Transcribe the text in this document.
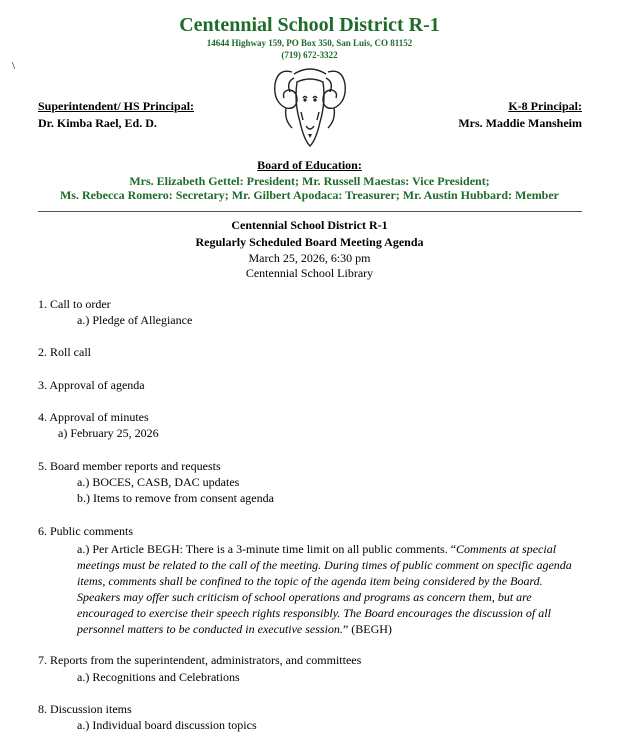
Centennial School District R-1
14644 Highway 159, PO Box 350, San Luis, CO 81152
(719) 672-3322
\
Superintendent/ HS Principal:
Dr. Kimba Rael, Ed. D.
K-8 Principal:
Mrs. Maddie Mansheim
Board of Education:
Mrs. Elizabeth Gettel: President; Mr. Russell Maestas: Vice President;
Ms. Rebecca Romero: Secretary; Mr. Gilbert Apodaca: Treasurer; Mr. Austin Hubbard: Member
Centennial School District R-1
Regularly Scheduled Board Meeting Agenda
March 25, 2026, 6:30 pm
Centennial School Library
1. Call to order
a.) Pledge of Allegiance
2. Roll call
3. Approval of agenda
4. Approval of minutes
a) February 25, 2026
5. Board member reports and requests
a.) BOCES, CASB, DAC updates
b.) Items to remove from consent agenda
6. Public comments
a.) Per Article BEGH: There is a 3-minute time limit on all public comments. “Comments at special meetings must be related to the call of the meeting. During times of public comment on specific agenda items, comments shall be confined to the topic of the agenda item being considered by the Board. Speakers may offer such criticism of school operations and programs as concern them, but are encouraged to exercise their speech rights responsibly. The Board encourages the discussion of all personnel matters to be conducted in executive session.” (BEGH)
7. Reports from the superintendent, administrators, and committees
a.) Recognitions and Celebrations
8. Discussion items
a.) Individual board discussion topics
